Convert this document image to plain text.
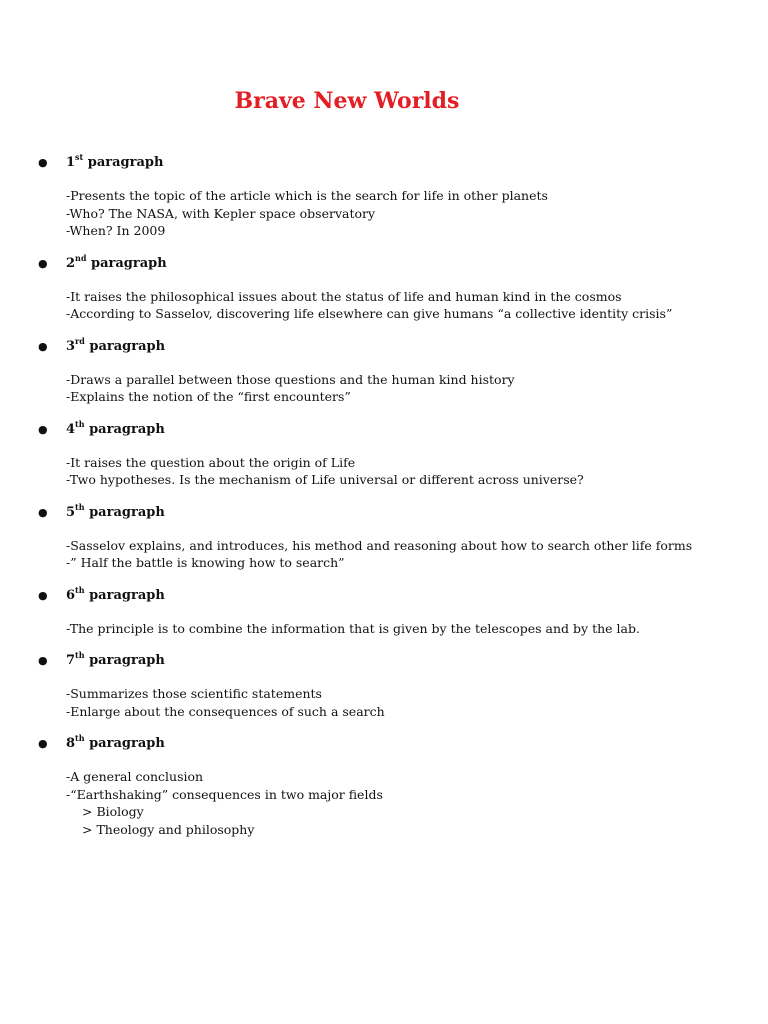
Brave New Worlds
● 1st paragraph
-Presents the topic of the article which is the search for life in other planets
-Who? The NASA, with Kepler space observatory
-When? In 2009
● 2nd paragraph
-It raises the philosophical issues about the status of life and human kind in the cosmos
-According to Sasselov, discovering life elsewhere can give humans “a collective identity crisis”
● 3rd paragraph
-Draws a parallel between those questions and the human kind history
-Explains the notion of the “first encounters”
● 4th paragraph
-It raises the question about the origin of Life
-Two hypotheses. Is the mechanism of Life universal or different across universe?
● 5th paragraph
-Sasselov explains, and introduces, his method and reasoning about how to search other life forms
-” Half the battle is knowing how to search”
● 6th paragraph
-The principle is to combine the information that is given by the telescopes and by the lab.
● 7th paragraph
-Summarizes those scientific statements
-Enlarge about the consequences of such a search
● 8th paragraph
-A general conclusion
-“Earthshaking” consequences in two major fields
> Biology
> Theology and philosophy
